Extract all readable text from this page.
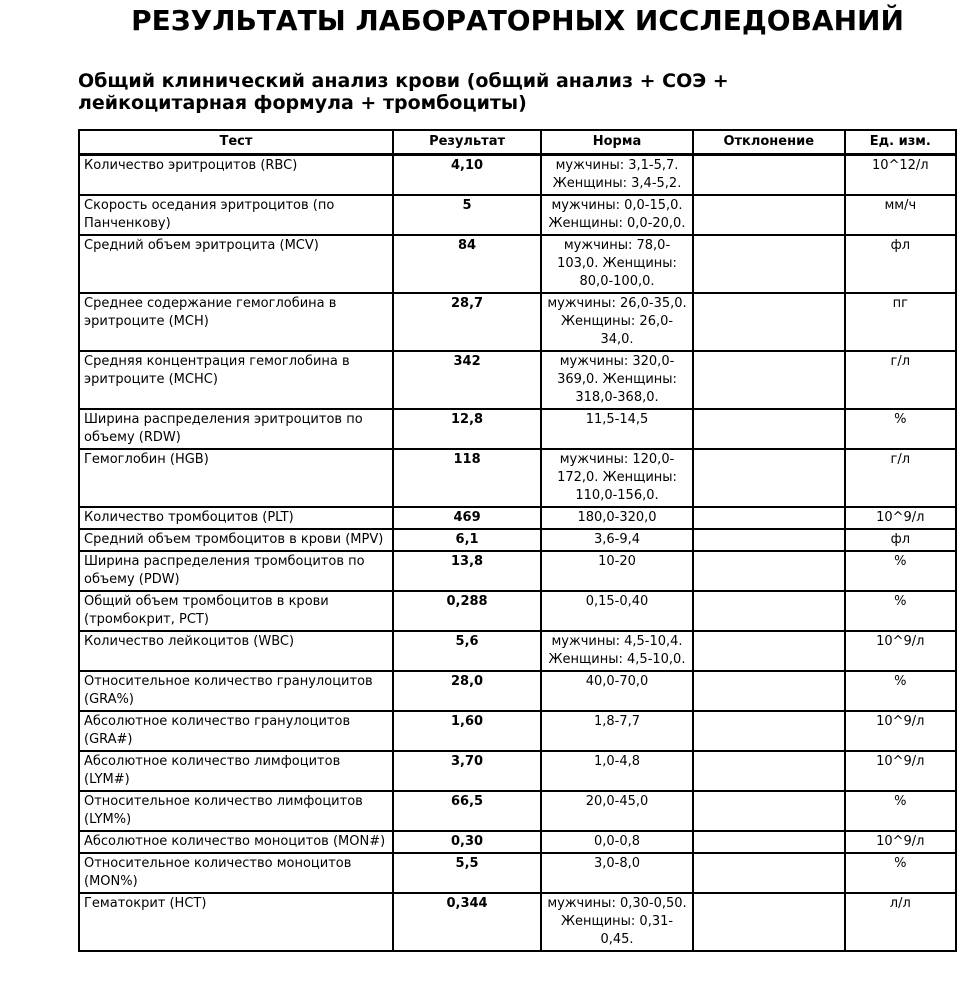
РЕЗУЛЬТАТЫ ЛАБОРАТОРНЫХ ИССЛЕДОВАНИЙ
Общий клинический анализ крови (общий анализ + СОЭ +
лейкоцитарная формула + тромбоциты)
Тест	Результат	Норма	Отклонение	Ед. изм.
Количество эритроцитов (RBC)	4,10	мужчины: 3,1-5,7. Женщины: 3,4-5,2.		10^12/л
Скорость оседания эритроцитов (по Панченкову)	5	мужчины: 0,0-15,0. Женщины: 0,0-20,0.		мм/ч
Средний объем эритроцита (MCV)	84	мужчины: 78,0-103,0. Женщины: 80,0-100,0.		фл
Среднее содержание гемоглобина в эритроците (MCH)	28,7	мужчины: 26,0-35,0. Женщины: 26,0-34,0.		пг
Средняя концентрация гемоглобина в эритроците (MCHC)	342	мужчины: 320,0-369,0. Женщины: 318,0-368,0.		г/л
Ширина распределения эритроцитов по объему (RDW)	12,8	11,5-14,5		%
Гемоглобин (HGB)	118	мужчины: 120,0-172,0. Женщины: 110,0-156,0.		г/л
Количество тромбоцитов (PLT)	469	180,0-320,0		10^9/л
Средний объем тромбоцитов в крови (MPV)	6,1	3,6-9,4		фл
Ширина распределения тромбоцитов по объему (PDW)	13,8	10-20		%
Общий объем тромбоцитов в крови (тромбокрит, PCT)	0,288	0,15-0,40		%
Количество лейкоцитов (WBC)	5,6	мужчины: 4,5-10,4. Женщины: 4,5-10,0.		10^9/л
Относительное количество гранулоцитов (GRA%)	28,0	40,0-70,0		%
Абсолютное количество гранулоцитов (GRA#)	1,60	1,8-7,7		10^9/л
Абсолютное количество лимфоцитов (LYM#)	3,70	1,0-4,8		10^9/л
Относительное количество лимфоцитов (LYM%)	66,5	20,0-45,0		%
Абсолютное количество моноцитов (MON#)	0,30	0,0-0,8		10^9/л
Относительное количество моноцитов (MON%)	5,5	3,0-8,0		%
Гематокрит (HCT)	0,344	мужчины: 0,30-0,50. Женщины: 0,31-0,45.		л/л
